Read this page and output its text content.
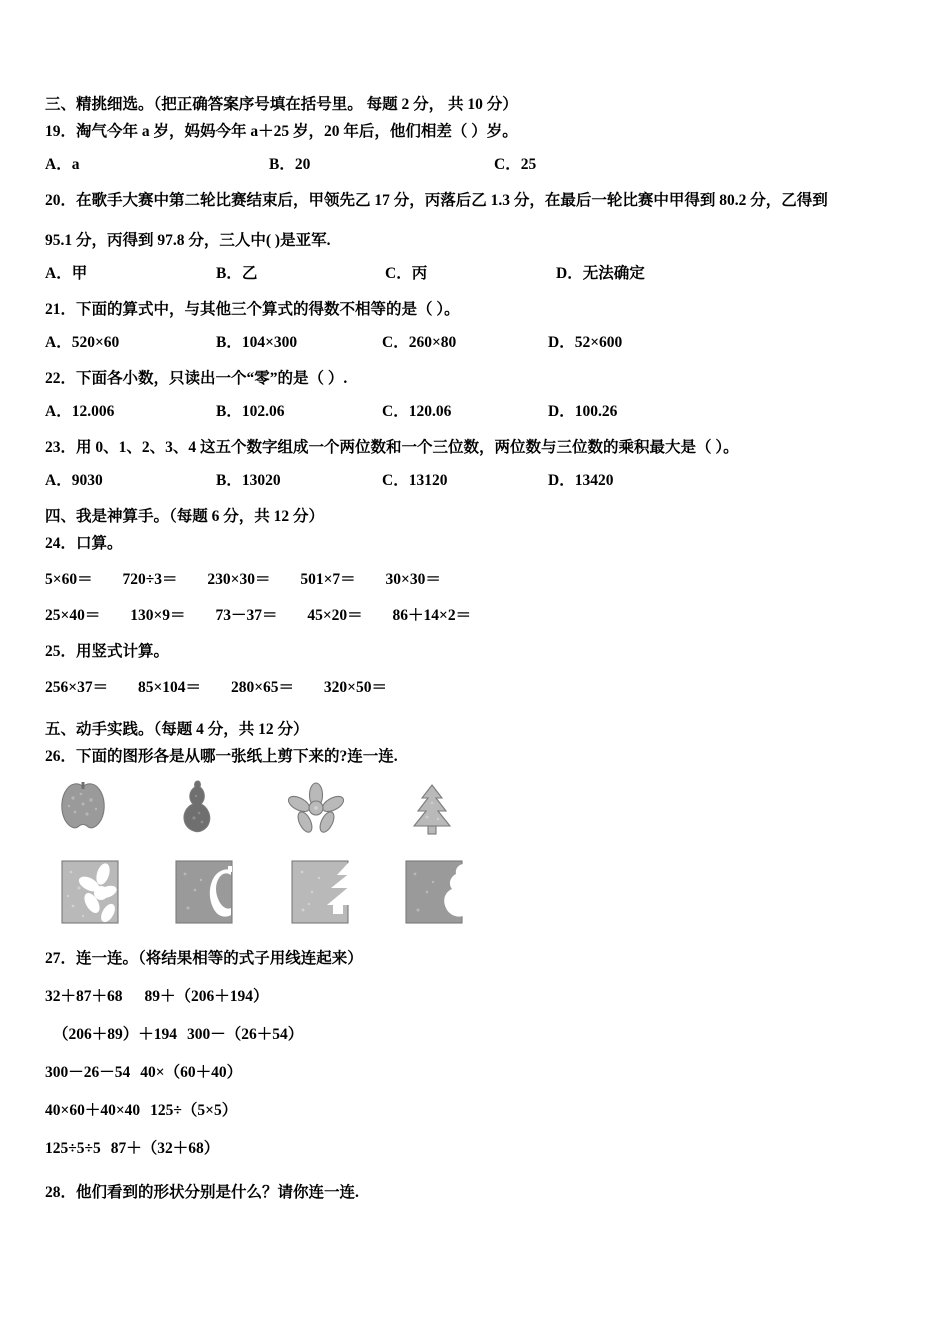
三、精挑细选。（把正确答案序号填在括号里。 每题 2 分， 共 10 分）
19．淘气今年 a 岁，妈妈今年 a＋25 岁，20 年后，他们相差（ ）岁。
A．a	B．20	C．25
20．在歌手大赛中第二轮比赛结束后，甲领先乙 17 分，丙落后乙 1.3 分，在最后一轮比赛中甲得到 80.2 分，乙得到
95.1 分，丙得到 97.8 分，三人中( )是亚军.
A．甲	B．乙	C．丙	D．无法确定
21．下面的算式中，与其他三个算式的得数不相等的是（ ）。
A．520×60	B．104×300	C．260×80	D．52×600
22．下面各小数，只读出一个“零”的是（ ）.
A．12.006	B．102.06	C．120.06	D．100.26
23．用 0、1、2、3、4 这五个数字组成一个两位数和一个三位数，两位数与三位数的乘积最大是（ ）。
A．9030	B．13020	C．13120	D．13420
四、我是神算手。（每题 6 分，共 12 分）
24．口算。
5×60＝ 720÷3＝ 230×30＝ 501×7＝ 30×30＝
25×40＝ 130×9＝ 73－37＝ 45×20＝ 86＋14×2＝
25．用竖式计算。
256×37＝ 85×104＝ 280×65＝ 320×50＝
五、动手实践。（每题 4 分，共 12 分）
26．下面的图形各是从哪一张纸上剪下来的?连一连.
27．连一连。（将结果相等的式子用线连起来）
32＋87＋68 89＋（206＋194）
（206＋89）＋194 300－（26＋54）
300－26－54 40×（60＋40）
40×60＋40×40 125÷（5×5）
125÷5÷5 87＋（32＋68）
28．他们看到的形状分别是什么？请你连一连.
